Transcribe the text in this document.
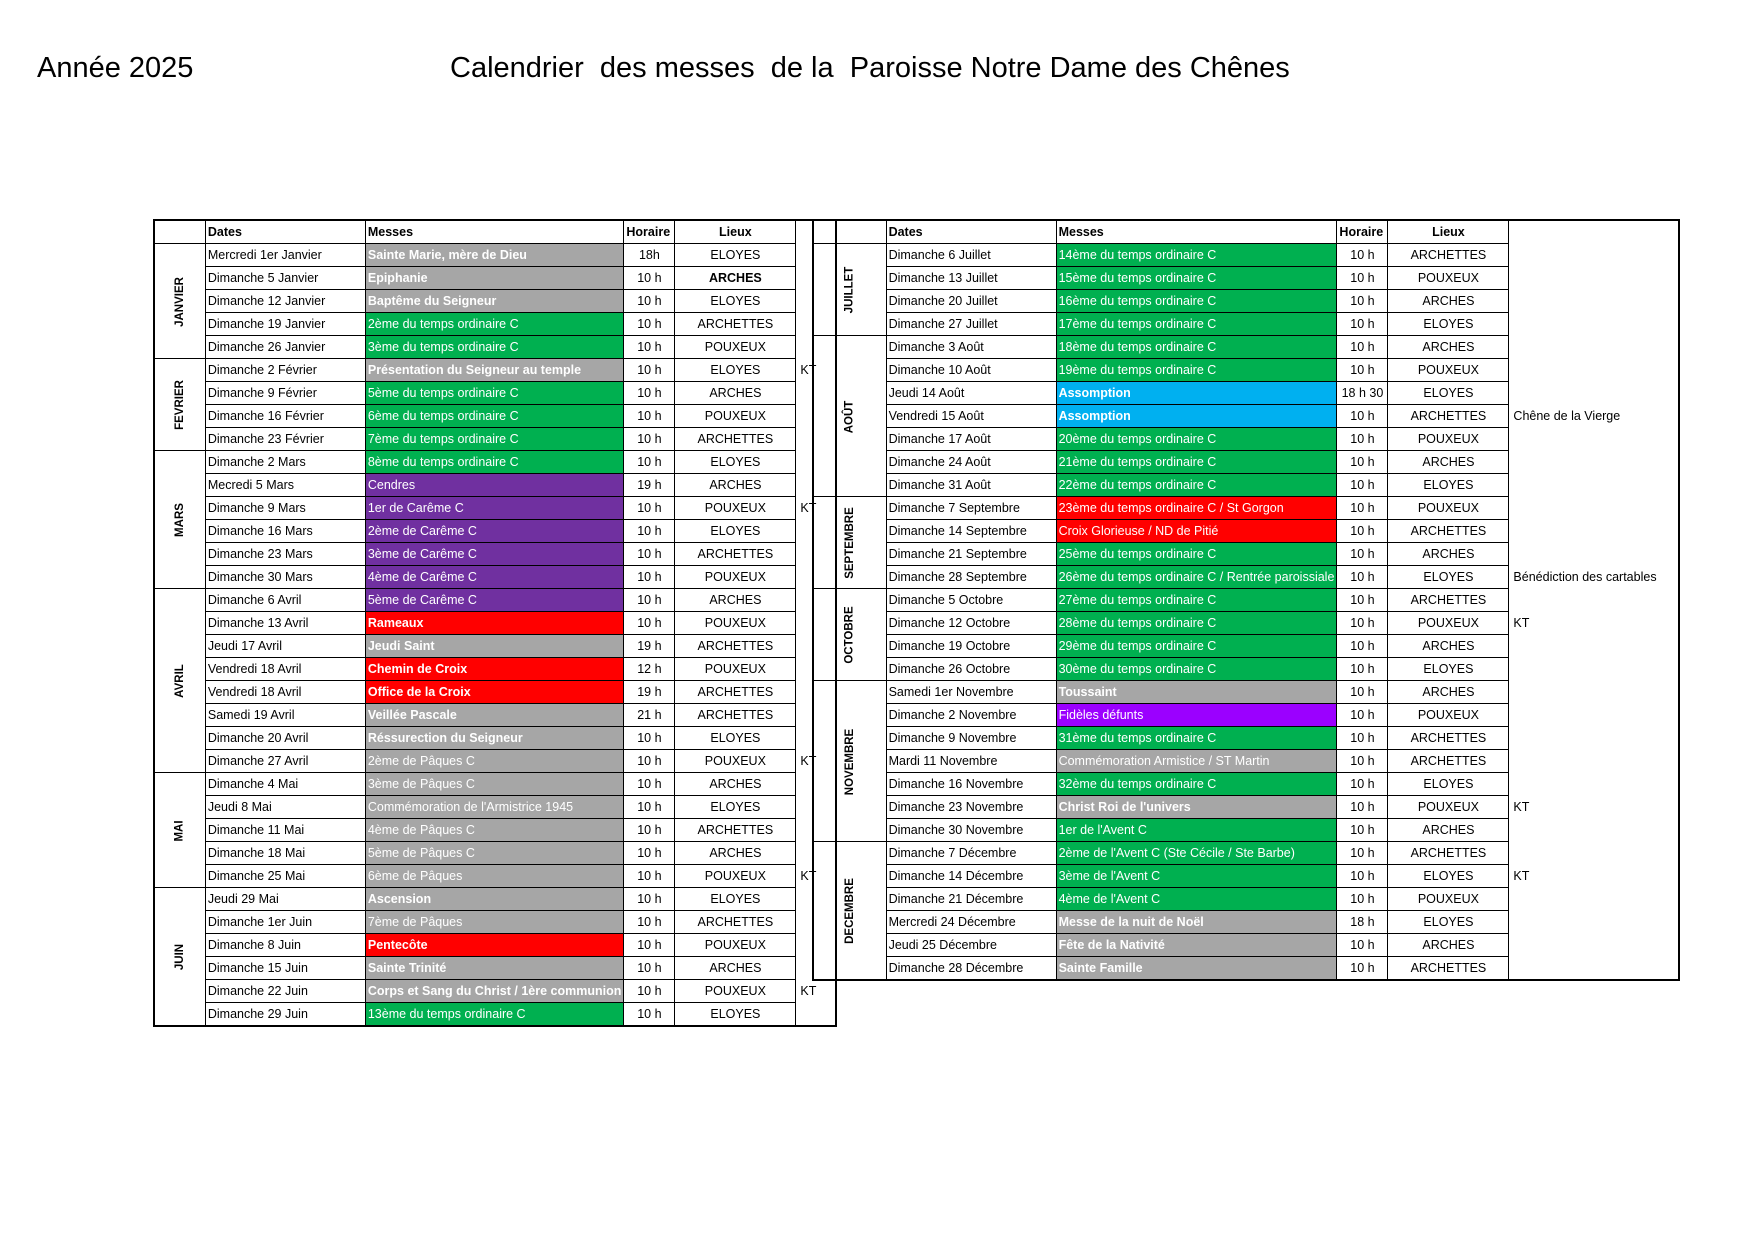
Année 2025	Calendrier  des messes  de la  Paroisse Notre Dame des Chênes
	Dates	Messes	Horaire	Lieux	
JANVIER	Mercredi 1er Janvier	Sainte Marie, mère de Dieu	18h	ELOYES	
	Dimanche 5 Janvier	Epiphanie	10 h	ARCHES	
	Dimanche 12 Janvier	Baptême du Seigneur	10 h	ELOYES	
	Dimanche 19 Janvier	2ème du temps ordinaire C	10 h	ARCHETTES	
	Dimanche 26 Janvier	3ème du temps ordinaire C	10 h	POUXEUX	
FEVRIER	Dimanche 2 Février	Présentation du Seigneur au temple	10 h	ELOYES	KT
	Dimanche 9 Février	5ème du temps ordinaire C	10 h	ARCHES	
	Dimanche 16 Février	6ème du temps ordinaire C	10 h	POUXEUX	
	Dimanche 23 Février	7ème du temps ordinaire C	10 h	ARCHETTES	
MARS	Dimanche 2 Mars	8ème du temps ordinaire C	10 h	ELOYES	
	Mecredi 5 Mars	Cendres	19 h	ARCHES	
	Dimanche 9 Mars	1er de Carême C	10 h	POUXEUX	KT
	Dimanche 16 Mars	2ème de Carême C	10 h	ELOYES	
	Dimanche 23 Mars	3ème de Carême C	10 h	ARCHETTES	
	Dimanche 30 Mars	4ème de Carême C	10 h	POUXEUX	
AVRIL	Dimanche 6 Avril	5ème de Carême C	10 h	ARCHES	
	Dimanche 13 Avril	Rameaux	10 h	POUXEUX	
	Jeudi 17 Avril	Jeudi Saint	19 h	ARCHETTES	
	Vendredi 18 Avril	Chemin de Croix	12 h	POUXEUX	
	Vendredi 18 Avril	Office de la Croix	19 h	ARCHETTES	
	Samedi 19 Avril	Veillée Pascale	21 h	ARCHETTES	
	Dimanche 20 Avril	Réssurection du Seigneur	10 h	ELOYES	
	Dimanche 27 Avril	2ème de Pâques C	10 h	POUXEUX	KT
MAI	Dimanche 4 Mai	3ème de Pâques C	10 h	ARCHES	
	Jeudi 8 Mai	Commémoration de l'Armistrice 1945	10 h	ELOYES	
	Dimanche 11 Mai	4ème de Pâques C	10 h	ARCHETTES	
	Dimanche 18 Mai	5ème de Pâques C	10 h	ARCHES	
	Dimanche 25 Mai	6ème de Pâques	10 h	POUXEUX	KT
JUIN	Jeudi 29 Mai	Ascension	10 h	ELOYES	
	Dimanche 1er Juin	7ème de Pâques	10 h	ARCHETTES	
	Dimanche 8 Juin	Pentecôte	10 h	POUXEUX	
	Dimanche 15 Juin	Sainte Trinité	10 h	ARCHES	
	Dimanche 22 Juin	Corps et Sang du Christ / 1ère communion	10 h	POUXEUX	KT
	Dimanche 29 Juin	13ème du temps ordinaire C	10 h	ELOYES	
	Dates	Messes	Horaire	Lieux	
JUILLET	Dimanche 6 Juillet	14ème du temps ordinaire C	10 h	ARCHETTES	
	Dimanche 13 Juillet	15ème du temps ordinaire C	10 h	POUXEUX	
	Dimanche 20 Juillet	16ème du temps ordinaire C	10 h	ARCHES	
	Dimanche 27 Juillet	17ème du temps ordinaire C	10 h	ELOYES	
AOÛT	Dimanche 3 Août	18ème du temps ordinaire C	10 h	ARCHES	
	Dimanche 10 Août	19ème du temps ordinaire C	10 h	POUXEUX	
	Jeudi 14 Août	Assomption	18 h 30	ELOYES	
	Vendredi 15 Août	Assomption	10 h	ARCHETTES	Chêne de la Vierge
	Dimanche 17 Août	20ème du temps ordinaire C	10 h	POUXEUX	
	Dimanche 24 Août	21ème du temps ordinaire C	10 h	ARCHES	
	Dimanche 31 Août	22ème du temps ordinaire C	10 h	ELOYES	
SEPTEMBRE	Dimanche 7 Septembre	23ème du temps ordinaire C / St Gorgon	10 h	POUXEUX	
	Dimanche 14 Septembre	Croix Glorieuse / ND de Pitié	10 h	ARCHETTES	
	Dimanche 21 Septembre	25ème du temps ordinaire C	10 h	ARCHES	
	Dimanche 28 Septembre	26ème du temps ordinaire C / Rentrée paroissiale	10 h	ELOYES	Bénédiction des cartables
OCTOBRE	Dimanche 5 Octobre	27ème du temps ordinaire C	10 h	ARCHETTES	
	Dimanche 12 Octobre	28ème du temps ordinaire C	10 h	POUXEUX	KT
	Dimanche 19 Octobre	29ème du temps ordinaire C	10 h	ARCHES	
	Dimanche 26 Octobre	30ème du temps ordinaire C	10 h	ELOYES	
NOVEMBRE	Samedi 1er Novembre	Toussaint	10 h	ARCHES	
	Dimanche 2 Novembre	Fidèles défunts	10 h	POUXEUX	
	Dimanche 9 Novembre	31ème du temps ordinaire C	10 h	ARCHETTES	
	Mardi 11 Novembre	Commémoration Armistice / ST Martin	10 h	ARCHETTES	
	Dimanche 16 Novembre	32ème du temps ordinaire C	10 h	ELOYES	
	Dimanche 23 Novembre	Christ Roi de l'univers	10 h	POUXEUX	KT
	Dimanche 30 Novembre	1er de l'Avent C	10 h	ARCHES	
DECEMBRE	Dimanche 7 Décembre	2ème de l'Avent C (Ste Cécile / Ste Barbe)	10 h	ARCHETTES	
	Dimanche 14 Décembre	3ème de l'Avent C	10 h	ELOYES	KT
	Dimanche 21 Décembre	4ème de l'Avent C	10 h	POUXEUX	
	Mercredi 24 Décembre	Messe de la nuit de Noël	18 h	ELOYES	
	Jeudi 25 Décembre	Fête de la Nativité	10 h	ARCHES	
	Dimanche 28 Décembre	Sainte Famille	10 h	ARCHETTES	
